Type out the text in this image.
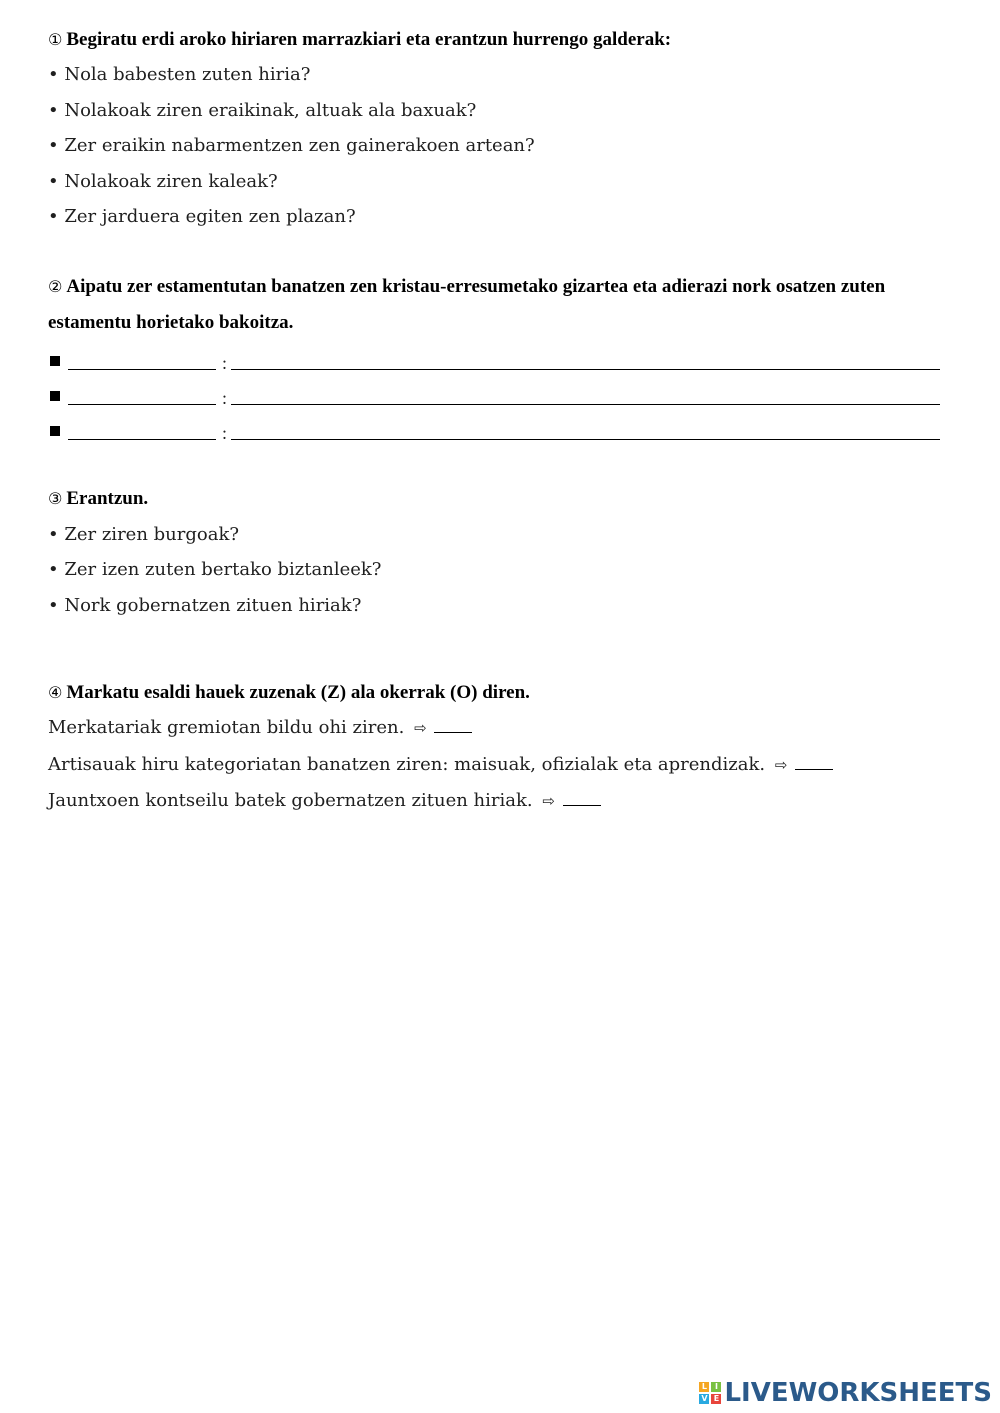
① Begiratu erdi aroko hiriaren marrazkiari eta erantzun hurrengo galderak:
• Nola babesten zuten hiria?
• Nolakoak ziren eraikinak, altuak ala baxuak?
• Zer eraikin nabarmentzen zen gainerakoen artean?
• Nolakoak ziren kaleak?
• Zer jarduera egiten zen plazan?
② Aipatu zer estamentutan banatzen zen kristau-erresumetako gizartea eta adierazi nork osatzen zuten estamentu horietako bakoitza.
:
:
:
③ Erantzun.
• Zer ziren burgoak?
• Zer izen zuten bertako biztanleek?
• Nork gobernatzen zituen hiriak?
④ Markatu esaldi hauek zuzenak (Z) ala okerrak (O) diren.
Merkatariak gremiotan bildu ohi ziren. ⇨
Artisauak hiru kategoriatan banatzen ziren: maisuak, ofizialak eta aprendizak. ⇨
Jauntxoen kontseilu batek gobernatzen zituen hiriak. ⇨
L I
V E LIVEWORKSHEETS
